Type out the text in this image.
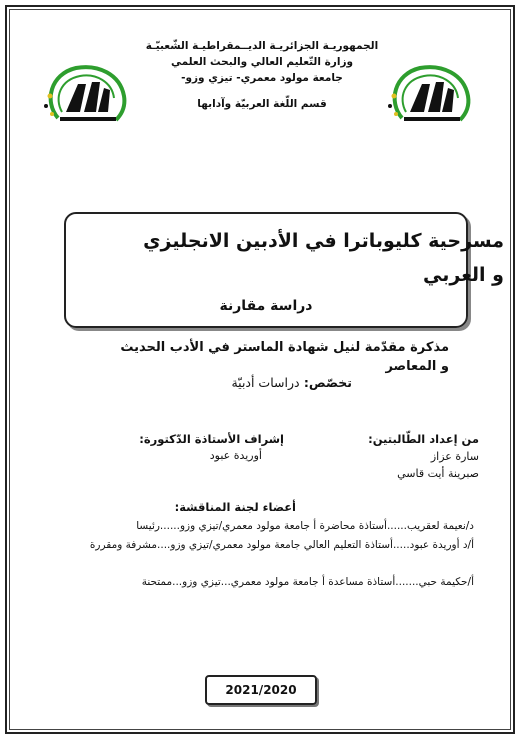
الجمهوريـة الجزائريـة الديــمقراطيـة الشّعبيّـة
وزارة التّعليم العالي والبحث العلمي
جامعة مولود معمري- تيزي وزو-
قسم اللّغة العربيّة وآدابها
مسرحية كليوباترا في الأدبين الانجليزي و العربي
دراسة مقارنة
مذكرة مقدّمة لنيل شهادة الماستر في الأدب الحديث و المعاصر
تخصّص: دراسات أدبيّة
من إعداد الطّالبتين:
سارة عزاز
صبرينة أيت قاسي
إشراف الأستاذة الدّكتورة:
أوريدة عبود
أعضاء لجنة المناقشة:
د/نعيمة لعقريب......أستاذة محاضرة أ جامعة مولود معمري/تيزي وزو......رئيسا
أ/د أوريدة عبود.....أستاذة التعليم العالي جامعة مولود معمري/تيزي وزو....مشرفة ومقررة
أ/حكيمة حبي.......أستاذة مساعدة أ جامعة مولود معمري...تيزي وزو...ممتحنة
2021/2020
